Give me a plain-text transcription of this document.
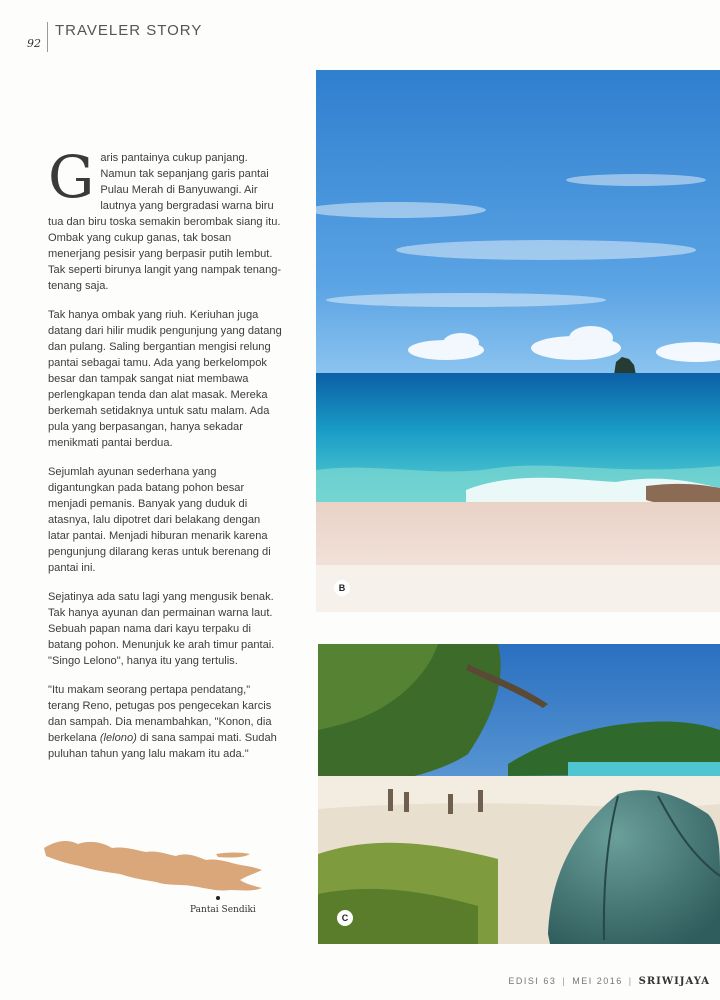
92
TRAVELER STORY

Garis pantainya cukup panjang. Namun tak sepanjang garis pantai Pulau Merah di Banyuwangi. Air lautnya yang bergradasi warna biru tua dan biru toska semakin berombak siang itu. Ombak yang cukup ganas, tak bosan menerjang pesisir yang berpasir putih lembut. Tak seperti birunya langit yang nampak tenang-tenang saja.

Tak hanya ombak yang riuh. Keriuhan juga datang dari hilir mudik pengunjung yang datang dan pulang. Saling bergantian mengisi relung pantai sebagai tamu. Ada yang berkelompok besar dan tampak sangat niat membawa perlengkapan tenda dan alat masak. Mereka berkemah setidaknya untuk satu malam. Ada pula yang berpasangan, hanya sekadar menikmati pantai berdua.

Sejumlah ayunan sederhana yang digantungkan pada batang pohon besar menjadi pemanis. Banyak yang duduk di atasnya, lalu dipotret dari belakang dengan latar pantai. Menjadi hiburan menarik karena pengunjung dilarang keras untuk berenang di pantai ini.

Sejatinya ada satu lagi yang mengusik benak. Tak hanya ayunan dan permainan warna laut. Sebuah papan nama dari kayu terpaku di batang pohon. Menunjuk ke arah timur pantai. "Singo Lelono", hanya itu yang tertulis.

"Itu makam seorang pertapa pendatang," terang Reno, petugas pos pengecekan karcis dan sampah. Dia menambahkan, "Konon, dia berkelana (lelono) di sana sampai mati. Sudah puluhan tahun yang lalu makam itu ada."

Pantai Sendiki
B
C
EDISI 63 | MEI 2016 | SRIWIJAYA
